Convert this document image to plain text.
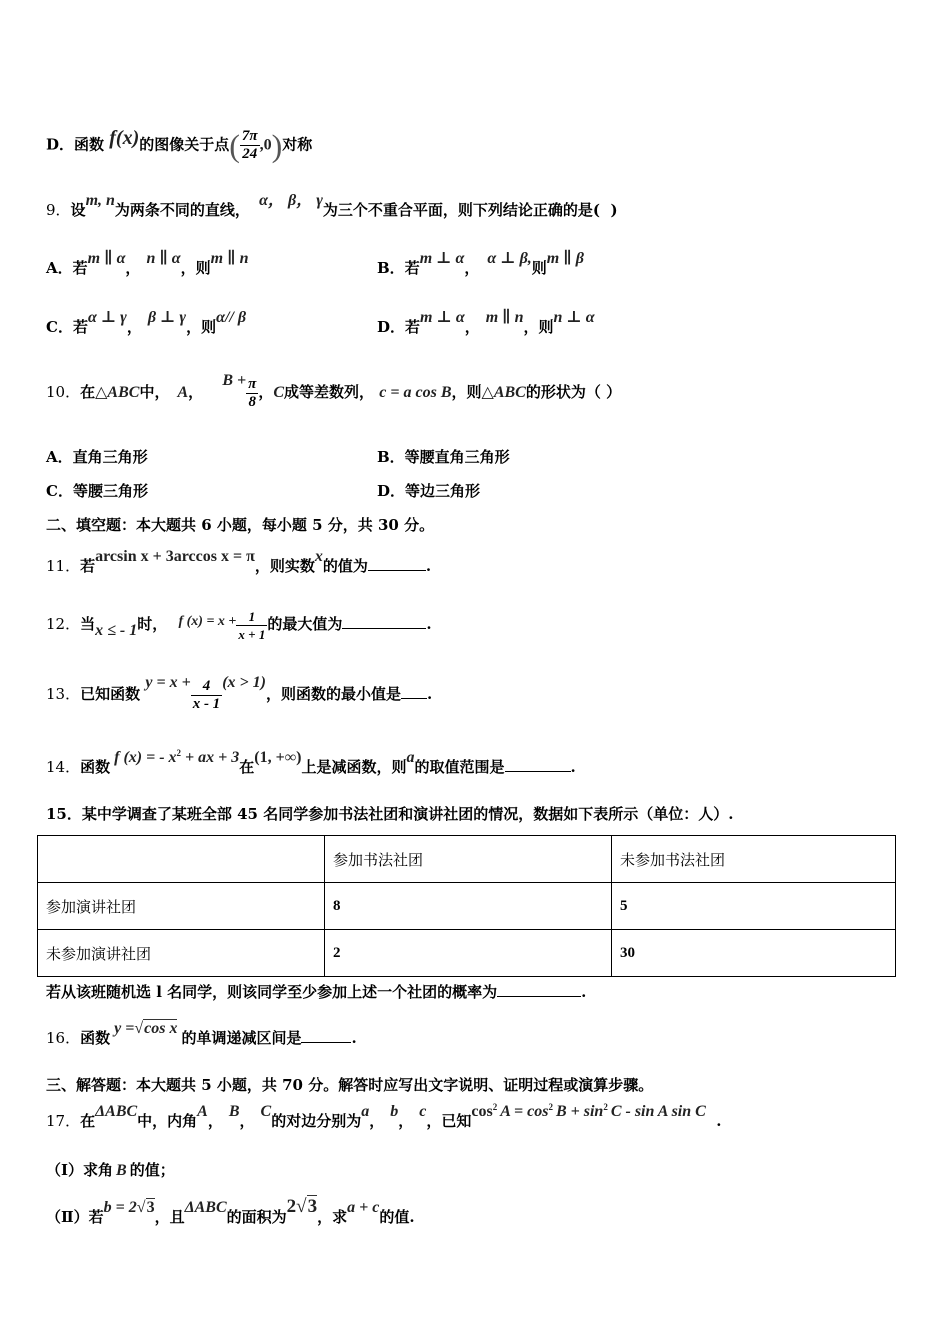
D．函数 f(x)的图像关于点( $\frac{7\pi}{24} ,0$)对称
9．设m, n为两条不同的直线， α， β， γ为三个不重合平面，则下列结论正确的是( )
A．若m ∥ α，n ∥ α，则m ∥ n
B．若m ⊥ α，α ⊥ β,则m ∥ β
C．若α ⊥ γ，β ⊥ γ，则α// β
D．若m ⊥ α，m ∥ n，则n ⊥ α
10．在△ABC中， A， $B + \frac{\pi}{8}$ ，C成等差数列， c = a cos B，则△ABC的形状为（ ）
A．直角三角形	B．等腰直角三角形
C．等腰三角形	D．等边三角形
二、填空题：本大题共 6 小题，每小题 5 分，共 30 分。
11．若arcsin x + 3arccos x = π，则实数x的值为	.
12．当x ≤ - 1时， f $(x) = x + \frac{1}{x + 1}$ 的最大值为	.
13．已知函数 $y = x + \frac{4}{x - 1} (x > 1)$，则函数的最小值是 .
14．函数f (x) = - $x^2$ + ax + 3在(1, +∞)上是减函数，则a的取值范围是	.
15．某中学调查了某班全部 45 名同学参加书法社团和演讲社团的情况，数据如下表所示（单位：人）.
	参加书法社团	未参加书法社团
参加演讲社团	8	5
未参加演讲社团	2	30
若从该班随机选 l 名同学，则该同学至少参加上述一个社团的概率为	.
16．函数y =√cos x的单调递减区间是	.
三、解答题：本大题共 5 小题，共 70 分。解答时应写出文字说明、证明过程或演算步骤。
17．在ΔABC中，内角A，B，C的对边分别为a，b，c，已知$\cos^2 A = \cos^2 B + \sin^2 C - \sin A$ sin C  .
（Ⅰ）求角 B 的值；
（Ⅱ）若b = 2√3，且ΔABC的面积为2√3，求a + c的值.
